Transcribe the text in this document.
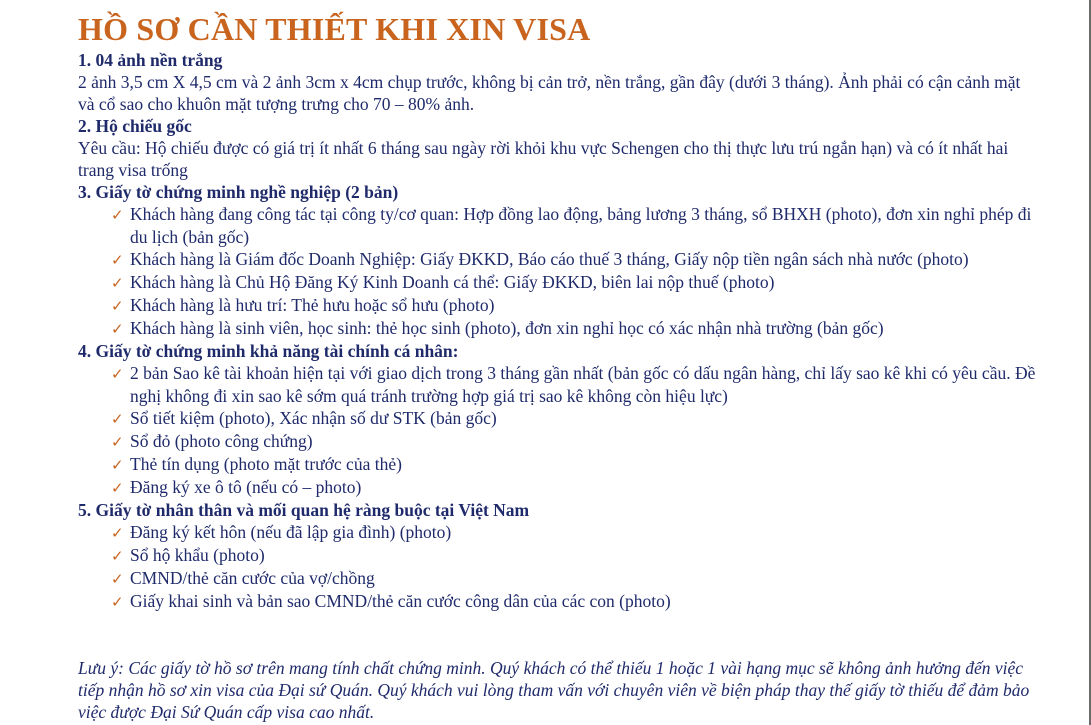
HỒ SƠ CẦN THIẾT KHI XIN VISA

1. 04 ảnh nền trắng

2 ảnh 3,5 cm X 4,5 cm và 2 ảnh 3cm x 4cm chụp trước, không bị cản trở, nền trắng, gần đây (dưới 3 tháng). Ảnh phải có cận cảnh mặt và cổ sao cho khuôn mặt tượng trưng cho 70 – 80% ảnh.

2. Hộ chiếu gốc

Yêu cầu: Hộ chiếu được có giá trị ít nhất 6 tháng sau ngày rời khỏi khu vực Schengen cho thị thực lưu trú ngắn hạn) và có ít nhất hai trang visa trống

3. Giấy tờ chứng minh nghề nghiệp (2 bản)

✓ Khách hàng đang công tác tại công ty/cơ quan: Hợp đồng lao động, bảng lương 3 tháng, sổ BHXH (photo), đơn xin nghỉ phép đi du lịch (bản gốc)
✓ Khách hàng là Giám đốc Doanh Nghiệp: Giấy ĐKKD, Báo cáo thuế 3 tháng, Giấy nộp tiền ngân sách nhà nước (photo)
✓ Khách hàng là Chủ Hộ Đăng Ký Kinh Doanh cá thể: Giấy ĐKKD, biên lai nộp thuế (photo)
✓ Khách hàng là hưu trí: Thẻ hưu hoặc sổ hưu (photo)
✓ Khách hàng là sinh viên, học sinh: thẻ học sinh (photo), đơn xin nghỉ học có xác nhận nhà trường (bản gốc)

4. Giấy tờ chứng minh khả năng tài chính cá nhân:

✓ 2 bản Sao kê tài khoản hiện tại với giao dịch trong 3 tháng gần nhất (bản gốc có dấu ngân hàng, chỉ lấy sao kê khi có yêu cầu. Đề nghị không đi xin sao kê sớm quá tránh trường hợp giá trị sao kê không còn hiệu lực)
✓ Sổ tiết kiệm (photo), Xác nhận số dư STK (bản gốc)
✓ Sổ đỏ (photo công chứng)
✓ Thẻ tín dụng (photo mặt trước của thẻ)
✓ Đăng ký xe ô tô (nếu có – photo)

5. Giấy tờ nhân thân và mối quan hệ ràng buộc tại Việt Nam

✓ Đăng ký kết hôn (nếu đã lập gia đình) (photo)
✓ Sổ hộ khẩu (photo)
✓ CMND/thẻ căn cước của vợ/chồng
✓ Giấy khai sinh và bản sao CMND/thẻ căn cước công dân của các con (photo)

Lưu ý: Các giấy tờ hồ sơ trên mang tính chất chứng minh. Quý khách có thể thiếu 1 hoặc 1 vài hạng mục sẽ không ảnh hưởng đến việc tiếp nhận hồ sơ xin visa của Đại sứ Quán. Quý khách vui lòng tham vấn với chuyên viên về biện pháp thay thế giấy tờ thiếu để đảm bảo việc được Đại Sứ Quán cấp visa cao nhất.
